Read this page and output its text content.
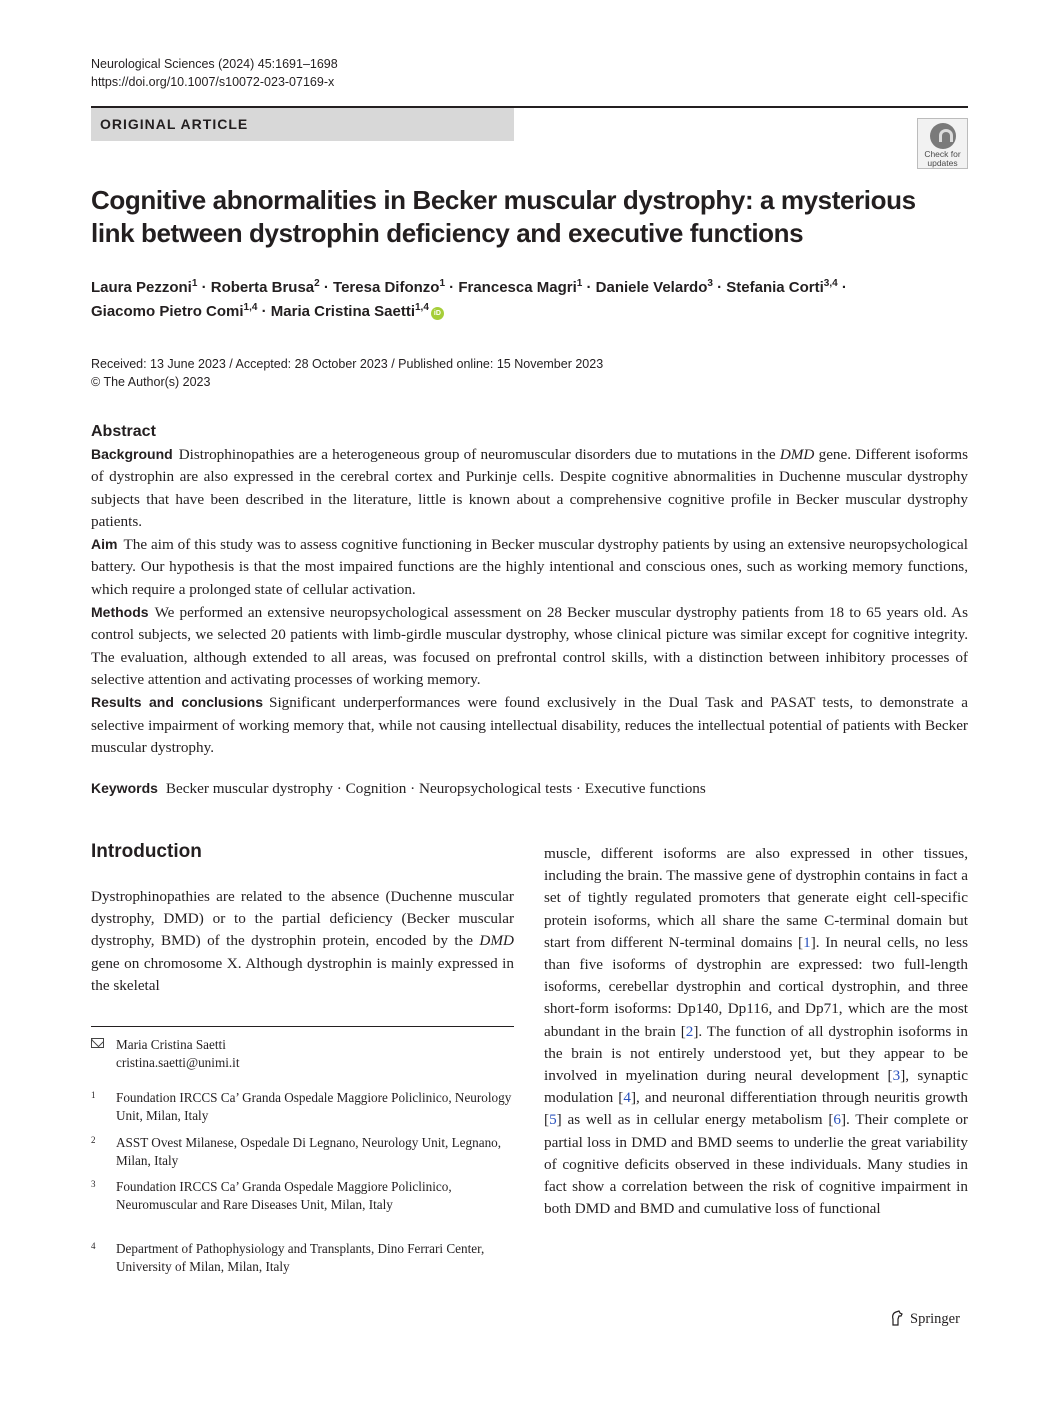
Neurological Sciences (2024) 45:1691–1698
https://doi.org/10.1007/s10072-023-07169-x
ORIGINAL ARTICLE
Check for
updates
Cognitive abnormalities in Becker muscular dystrophy: a mysterious
link between dystrophin deficiency and executive functions
Laura Pezzoni$^1$ · Roberta Brusa$^2$ · Teresa Difonzo$^1$ · Francesca Magri$^1$ · Daniele Velardo$^3$ · Stefania Corti$^{3,4}$ ·
Giacomo Pietro Comi$^{1,4}$ · Maria Cristina Saetti$^{1,4}$iD
Received: 13 June 2023 / Accepted: 28 October 2023 / Published online: 15 November 2023
© The Author(s) 2023
Abstract

Background Distrophinopathies are a heterogeneous group of neuromuscular disorders due to mutations in the DMD gene. Different isoforms of dystrophin are also expressed in the cerebral cortex and Purkinje cells. Despite cognitive abnormalities in Duchenne muscular dystrophy subjects that have been described in the literature, little is known about a comprehensive cognitive profile in Becker muscular dystrophy patients.

Aim The aim of this study was to assess cognitive functioning in Becker muscular dystrophy patients by using an extensive neuropsychological battery. Our hypothesis is that the most impaired functions are the highly intentional and conscious ones, such as working memory functions, which require a prolonged state of cellular activation.

Methods We performed an extensive neuropsychological assessment on 28 Becker muscular dystrophy patients from 18 to 65 years old. As control subjects, we selected 20 patients with limb-girdle muscular dystrophy, whose clinical picture was similar except for cognitive integrity. The evaluation, although extended to all areas, was focused on prefrontal control skills, with a distinction between inhibitory processes of selective attention and activating processes of working memory.

Results and conclusions Significant underperformances were found exclusively in the Dual Task and PASAT tests, to demonstrate a selective impairment of working memory that, while not causing intellectual disability, reduces the intellectual potential of patients with Becker muscular dystrophy.

Keywords Becker muscular dystrophy · Cognition · Neuropsychological tests · Executive functions
Introduction
Dystrophinopathies are related to the absence (Duchenne muscular dystrophy, DMD) or to the partial deficiency (Becker muscular dystrophy, BMD) of the dystrophin protein, encoded by the DMD gene on chromosome X. Although dystrophin is mainly expressed in the skeletal
Maria Cristina Saetti
cristina.saetti@unimi.it
1 Foundation IRCCS Ca’ Granda Ospedale Maggiore Policlinico, Neurology Unit, Milan, Italy
2 ASST Ovest Milanese, Ospedale Di Legnano, Neurology Unit, Legnano, Milan, Italy
3 Foundation IRCCS Ca’ Granda Ospedale Maggiore Policlinico, Neuromuscular and Rare Diseases Unit, Milan, Italy
4 Department of Pathophysiology and Transplants, Dino Ferrari Center, University of Milan, Milan, Italy
muscle, different isoforms are also expressed in other tissues, including the brain. The massive gene of dystrophin contains in fact a set of tightly regulated promoters that generate eight cell-specific protein isoforms, which all share the same C-terminal domain but start from different N-terminal domains [1]. In neural cells, no less than five isoforms of dystrophin are expressed: two full-length isoforms, cerebellar dystrophin and cortical dystrophin, and three short-form isoforms: Dp140, Dp116, and Dp71, which are the most abundant in the brain [2]. The function of all dystrophin isoforms in the brain is not entirely understood yet, but they appear to be involved in myelination during neural development [3], synaptic modulation [4], and neuronal differentiation through neuritis growth [5] as well as in cellular energy metabolism [6]. Their complete or partial loss in DMD and BMD seems to underlie the great variability of cognitive deficits observed in these individuals. Many studies in fact show a correlation between the risk of cognitive impairment in both DMD and BMD and cumulative loss of functional
Springer
